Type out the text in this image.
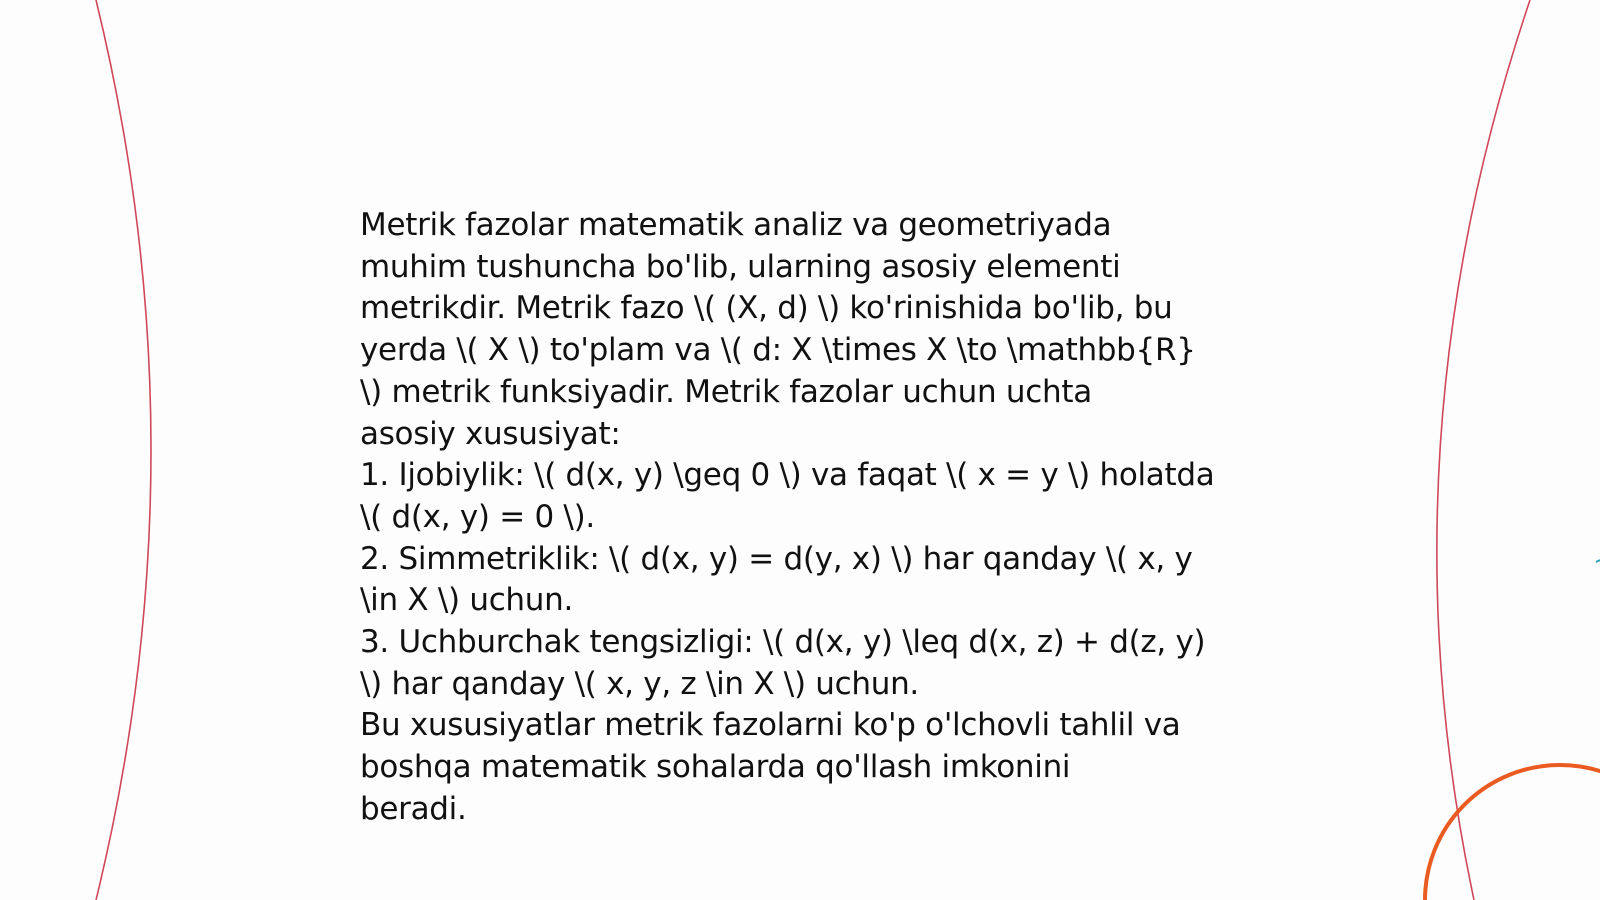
Metrik fazolar matematik analiz va geometriyada
muhim tushuncha bo'lib, ularning asosiy elementi
metrikdir. Metrik fazo \( (X, d) \) ko'rinishida bo'lib, bu
yerda \( X \) to'plam va \( d: X \times X \to \mathbb{R}
\) metrik funksiyadir. Metrik fazolar uchun uchta
asosiy xususiyat:
1. Ijobiylik: \( d(x, y) \geq 0 \) va faqat \( x = y \) holatda
\( d(x, y) = 0 \).
2. Simmetriklik: \( d(x, y) = d(y, x) \) har qanday \( x, y
\in X \) uchun.
3. Uchburchak tengsizligi: \( d(x, y) \leq d(x, z) + d(z, y)
\) har qanday \( x, y, z \in X \) uchun.
Bu xususiyatlar metrik fazolarni ko'p o'lchovli tahlil va
boshqa matematik sohalarda qo'llash imkonini
beradi.
